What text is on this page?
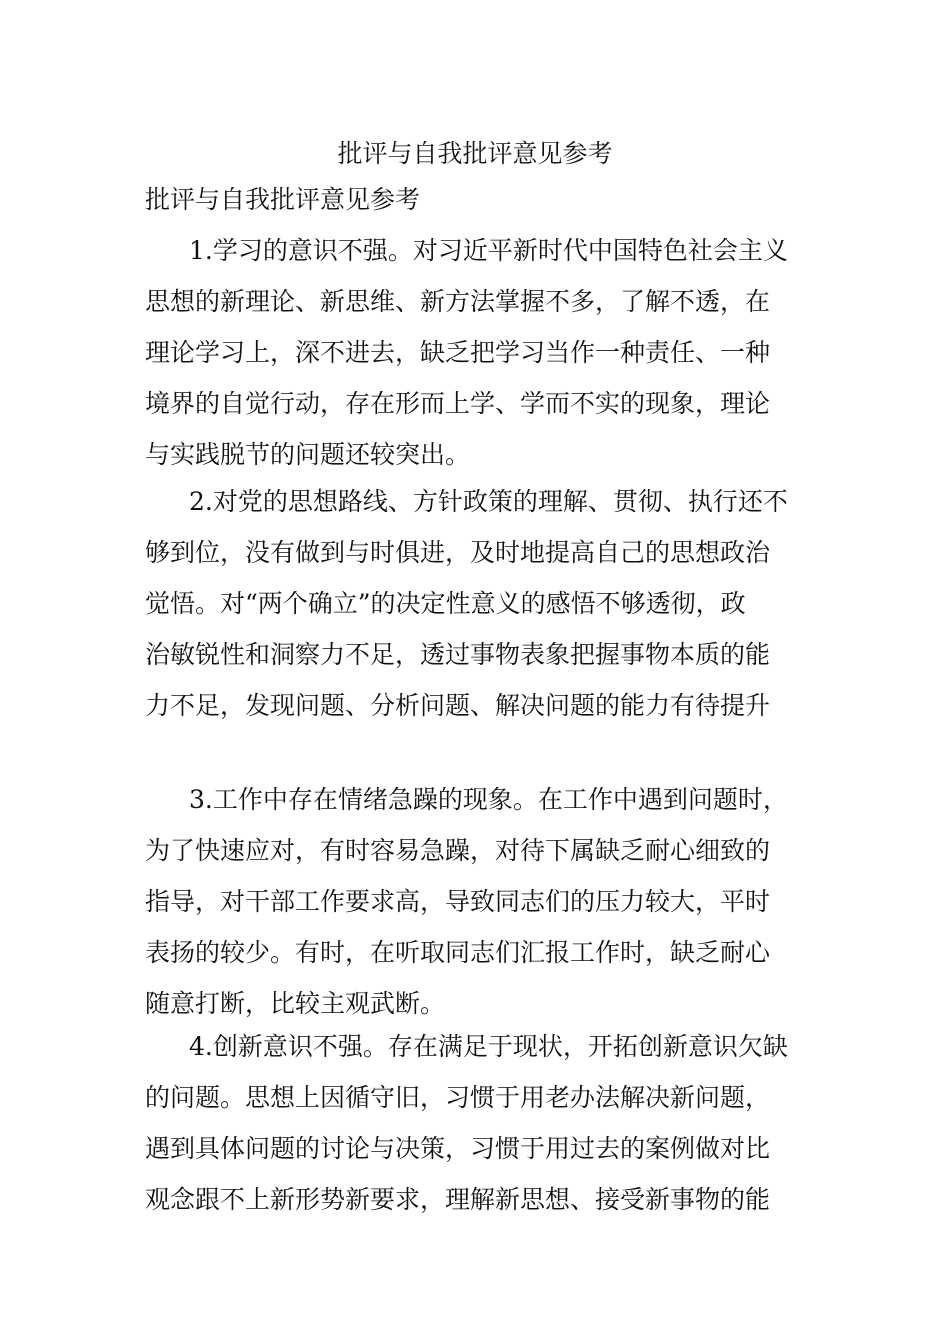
批评与自我批评意见参考

批评与自我批评意见参考

1.学习的意识不强。对习近平新时代中国特色社会主义
思想的新理论、新思维、新方法掌握不多，了解不透，在
理论学习上，深不进去，缺乏把学习当作一种责任、一种
境界的自觉行动，存在形而上学、学而不实的现象，理论
与实践脱节的问题还较突出。

2.对党的思想路线、方针政策的理解、贯彻、执行还不
够到位，没有做到与时俱进，及时地提高自己的思想政治
觉悟。对“两个确立”的决定性意义的感悟不够透彻，政
治敏锐性和洞察力不足，透过事物表象把握事物本质的能
力不足，发现问题、分析问题、解决问题的能力有待提升

3.工作中存在情绪急躁的现象。在工作中遇到问题时，
为了快速应对，有时容易急躁，对待下属缺乏耐心细致的
指导，对干部工作要求高，导致同志们的压力较大，平时
表扬的较少。有时，在听取同志们汇报工作时，缺乏耐心
随意打断，比较主观武断。

4.创新意识不强。存在满足于现状，开拓创新意识欠缺
的问题。思想上因循守旧，习惯于用老办法解决新问题，
遇到具体问题的讨论与决策，习惯于用过去的案例做对比
观念跟不上新形势新要求，理解新思想、接受新事物的能
